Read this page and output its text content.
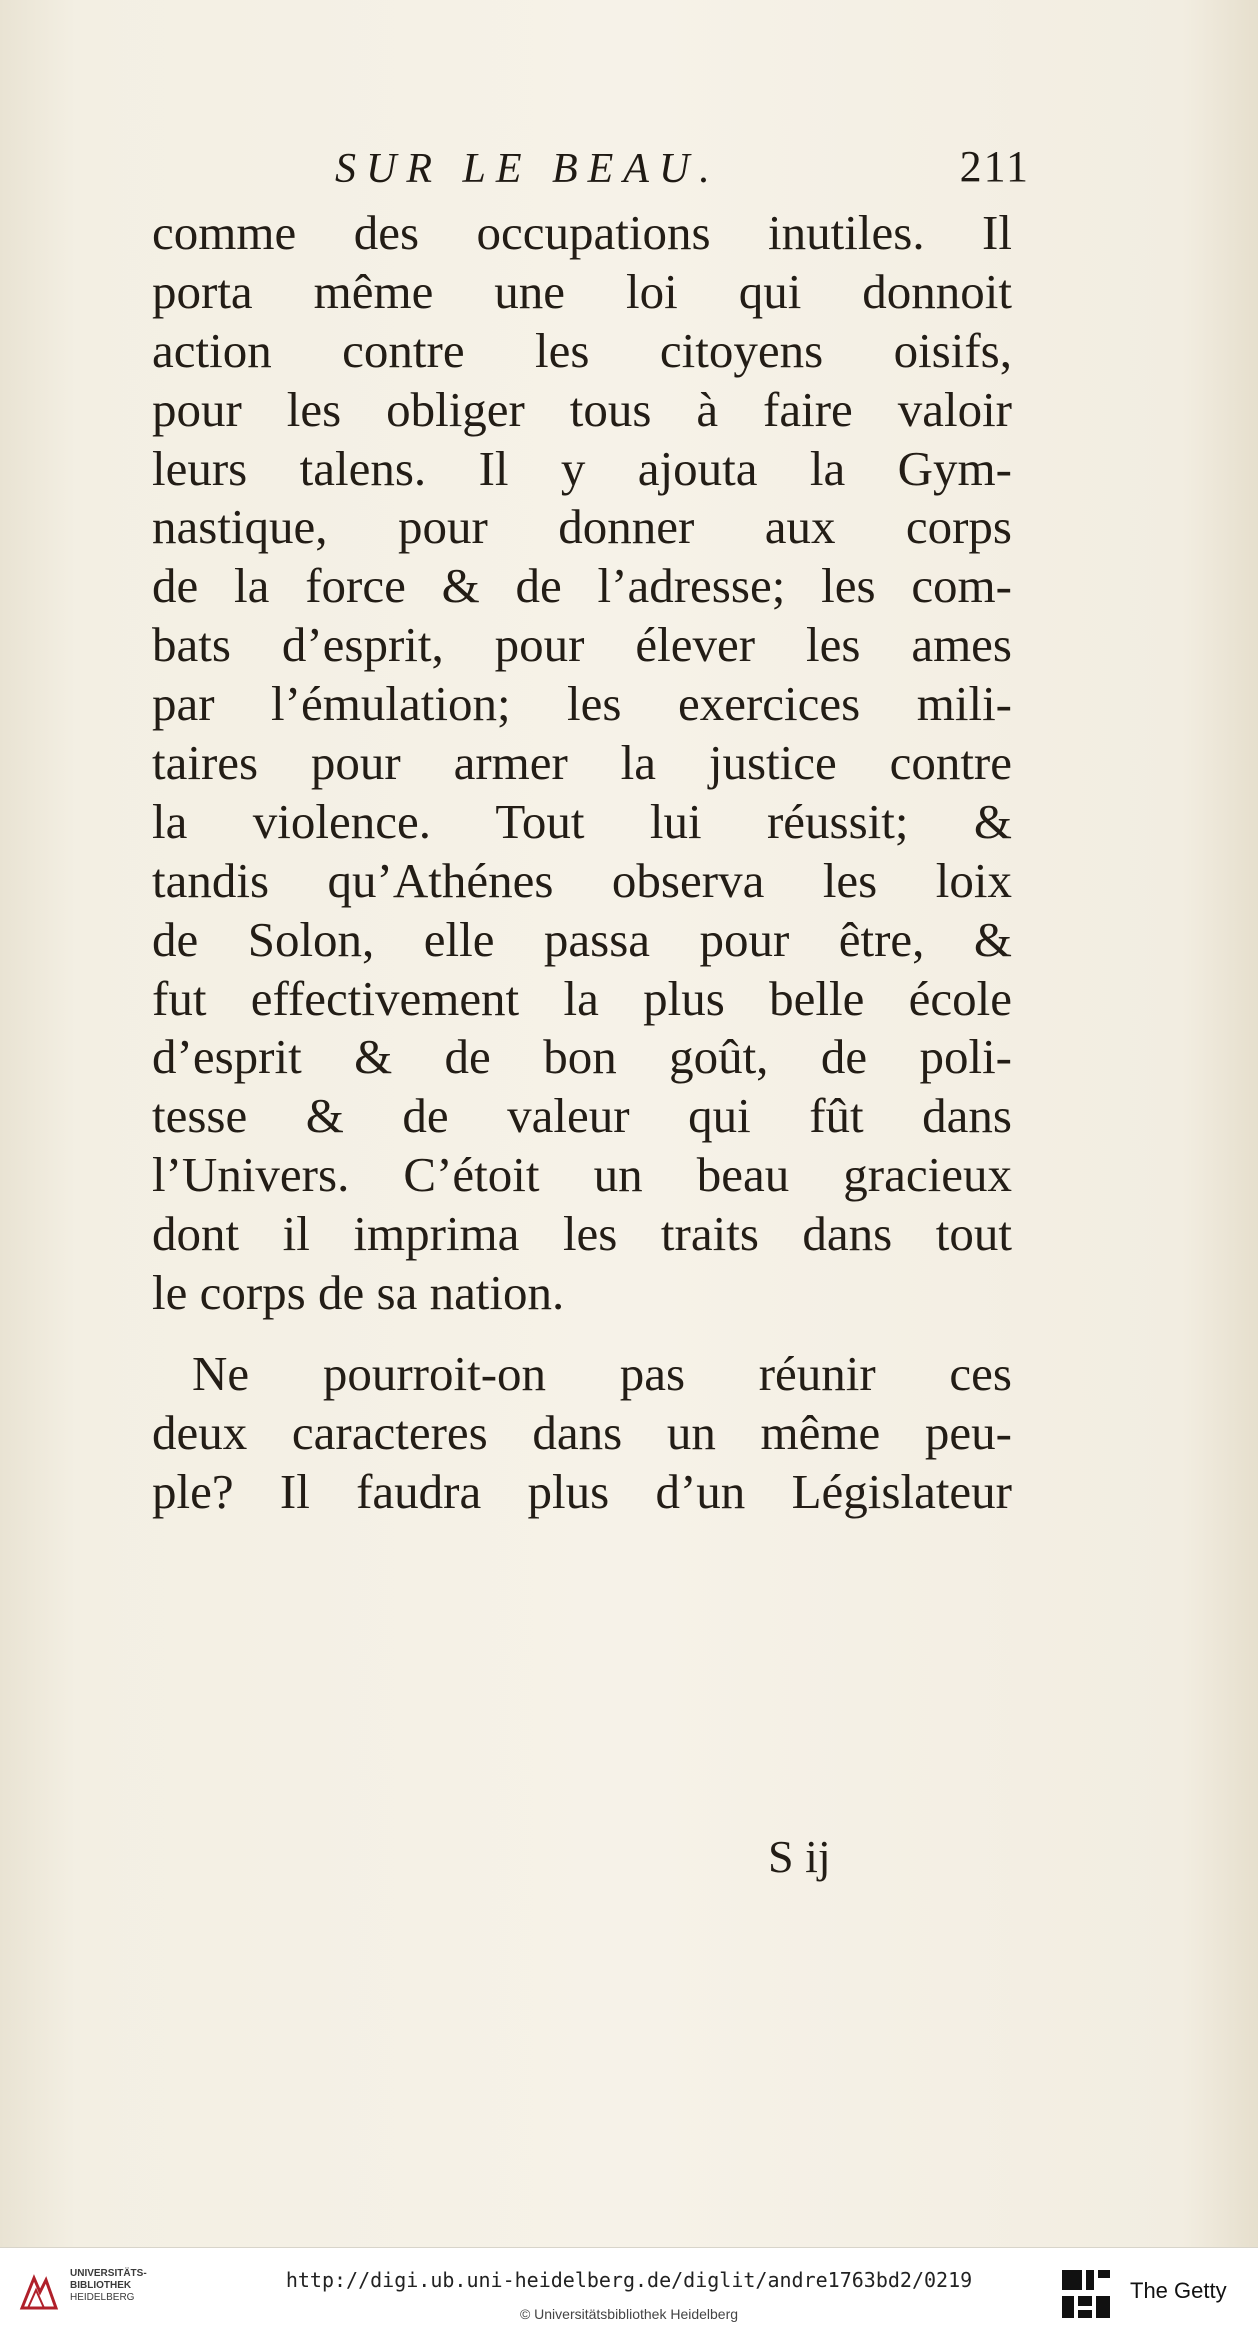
SUR LE BEAU.	211
comme des occupations inutiles. Il
porta même une loi qui donnoit
action contre les citoyens oisifs,
pour les obliger tous à faire valoir
leurs talens. Il y ajouta la Gym-
nastique, pour donner aux corps
de la force & de l’adresse; les com-
bats d’esprit, pour élever les ames
par l’émulation; les exercices mili-
taires pour armer la justice contre
la violence. Tout lui réussit; &
tandis qu’Athénes observa les loix
de Solon, elle passa pour être, &
fut effectivement la plus belle école
d’esprit & de bon goût, de poli-
tesse & de valeur qui fût dans
l’Univers. C’étoit un beau gracieux
dont il imprima les traits dans tout
le corps de sa nation.
Ne pourroit-on pas réunir ces
deux caracteres dans un même peu-
ple? Il faudra plus d’un Législateur
S ij
UNIVERSITÄTS-
BIBLIOTHEK
HEIDELBERG
http://digi.ub.uni-heidelberg.de/diglit/andre1763bd2/0219
© Universitätsbibliothek Heidelberg
The Getty
